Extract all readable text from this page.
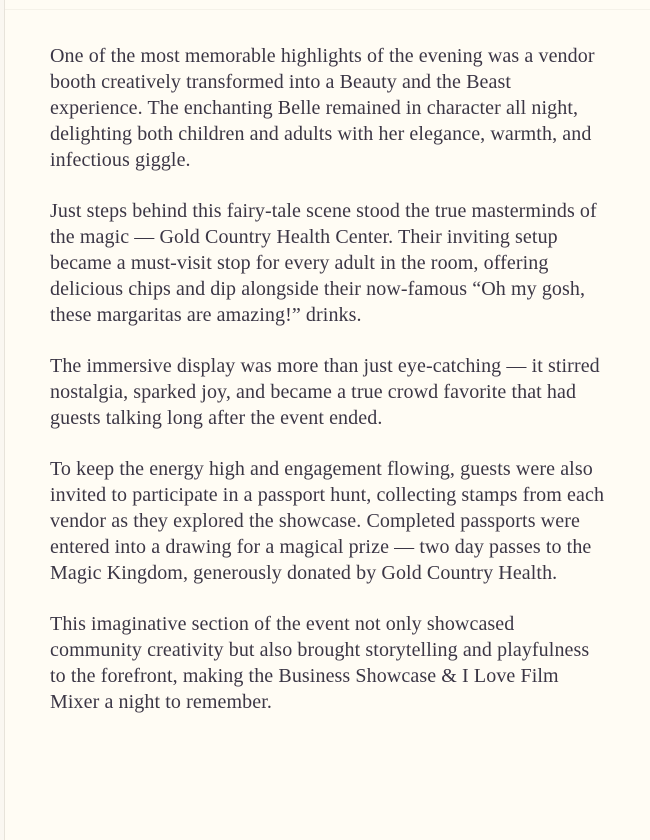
One of the most memorable highlights of the evening was a vendor booth creatively transformed into a Beauty and the Beast experience. The enchanting Belle remained in character all night, delighting both children and adults with her elegance, warmth, and infectious giggle.

Just steps behind this fairy-tale scene stood the true masterminds of the magic — Gold Country Health Center. Their inviting setup became a must-visit stop for every adult in the room, offering delicious chips and dip alongside their now-famous “Oh my gosh, these margaritas are amazing!” drinks.

The immersive display was more than just eye-catching — it stirred nostalgia, sparked joy, and became a true crowd favorite that had guests talking long after the event ended.

To keep the energy high and engagement flowing, guests were also invited to participate in a passport hunt, collecting stamps from each vendor as they explored the showcase. Completed passports were entered into a drawing for a magical prize — two day passes to the Magic Kingdom, generously donated by Gold Country Health.

This imaginative section of the event not only showcased community creativity but also brought storytelling and playfulness to the forefront, making the Business Showcase & I Love Film Mixer a night to remember.
